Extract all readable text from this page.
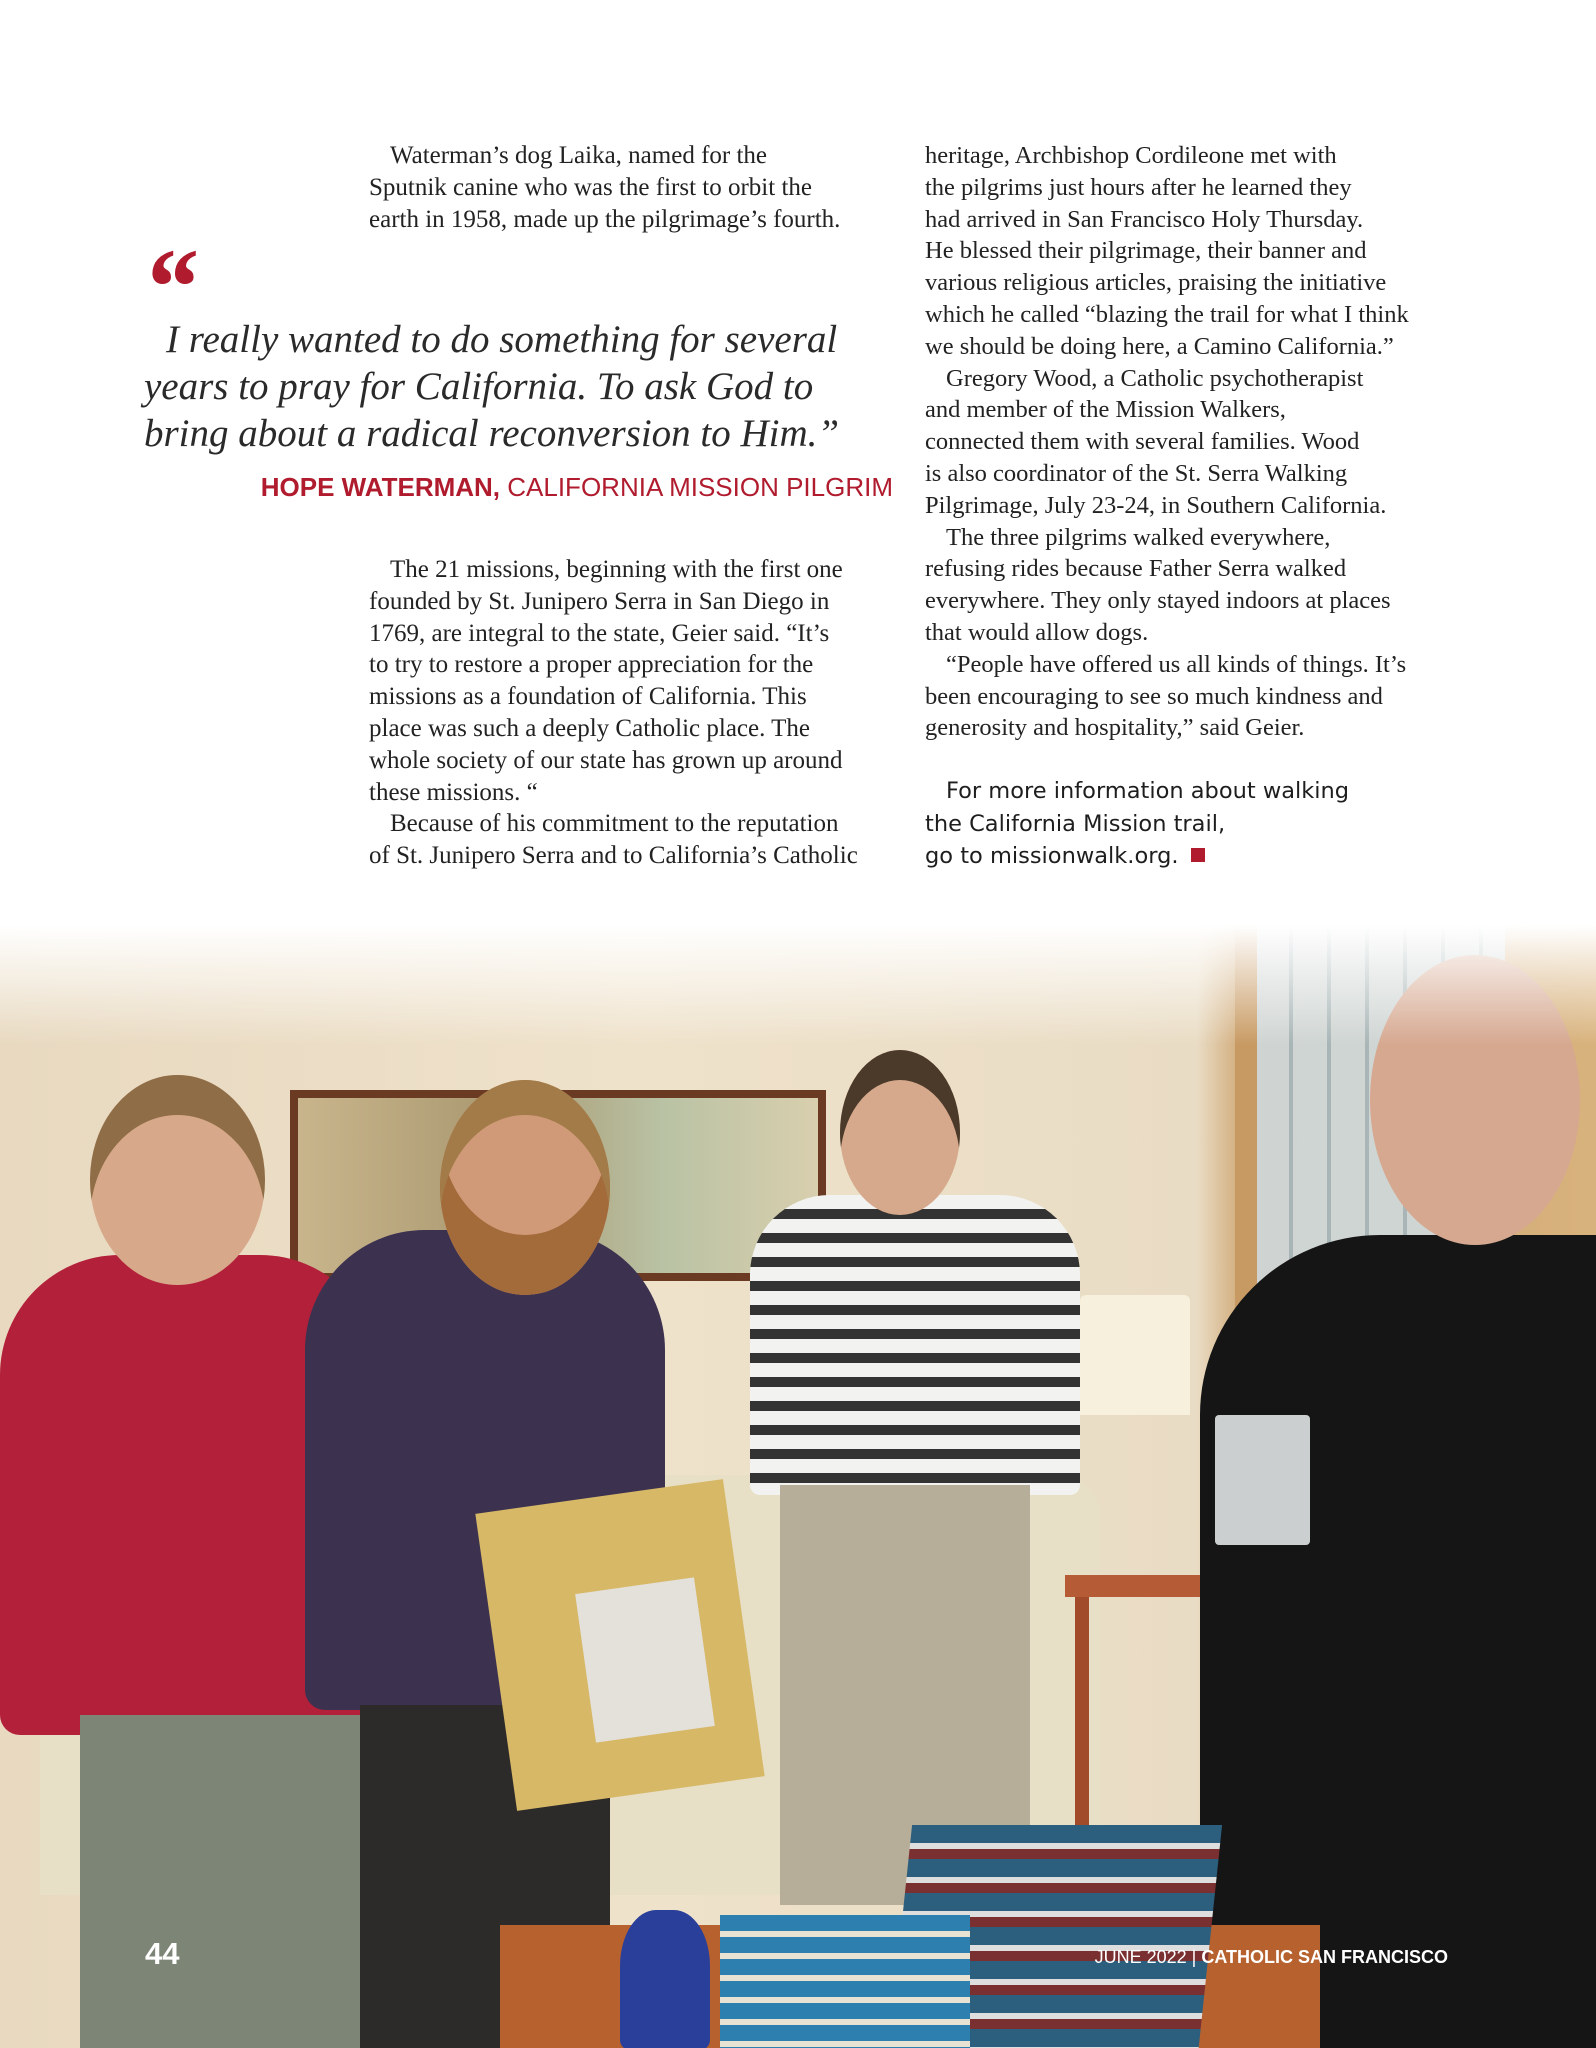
Waterman’s dog Laika, named for the
Sputnik canine who was the first to orbit the
earth in 1958, made up the pilgrimage’s fourth.
“
I really wanted to do something for several
years to pray for California. To ask God to
bring about a radical reconversion to Him.”
HOPE WATERMAN, CALIFORNIA MISSION PILGRIM
The 21 missions, beginning with the first one
founded by St. Junipero Serra in San Diego in
1769, are integral to the state, Geier said. “It’s
to try to restore a proper appreciation for the
missions as a foundation of California. This
place was such a deeply Catholic place. The
whole society of our state has grown up around
these missions. “
Because of his commitment to the reputation
of St. Junipero Serra and to California’s Catholic
heritage, Archbishop Cordileone met with
the pilgrims just hours after he learned they
had arrived in San Francisco Holy Thursday.
He blessed their pilgrimage, their banner and
various religious articles, praising the initiative
which he called “blazing the trail for what I think
we should be doing here, a Camino California.”
Gregory Wood, a Catholic psychotherapist
and member of the Mission Walkers,
connected them with several families. Wood
is also coordinator of the St. Serra Walking
Pilgrimage, July 23-24, in Southern California.
The three pilgrims walked everywhere,
refusing rides because Father Serra walked
everywhere. They only stayed indoors at places
that would allow dogs.
“People have offered us all kinds of things. It’s
been encouraging to see so much kindness and
generosity and hospitality,” said Geier.
For more information about walking
the California Mission trail,
go to missionwalk.org.
44	JUNE 2022 | CATHOLIC SAN FRANCISCO
